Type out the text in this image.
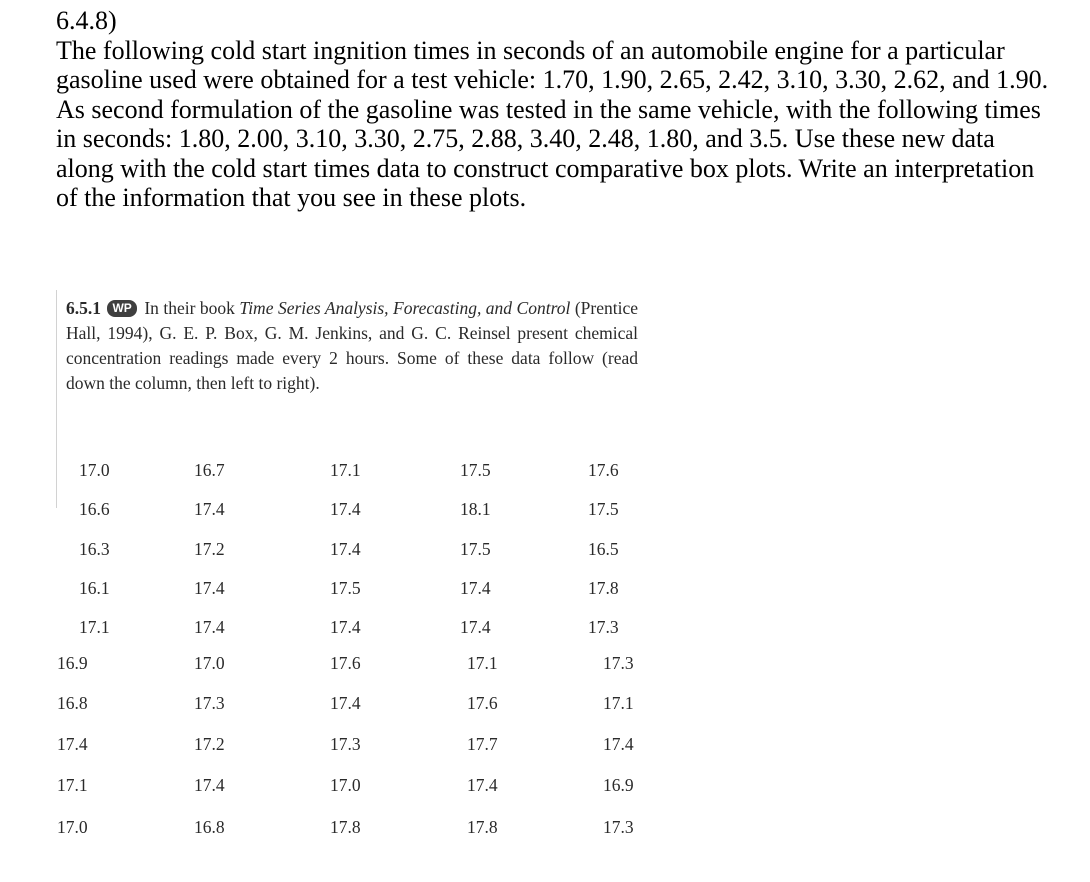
6.4.8)
The following cold start ingnition times in seconds of an automobile engine for a particular gasoline used were obtained for a test vehicle: 1.70, 1.90, 2.65, 2.42, 3.10, 3.30, 2.62, and 1.90. As second formulation of the gasoline was tested in the same vehicle, with the following times in seconds: 1.80, 2.00, 3.10, 3.30, 2.75, 2.88, 3.40, 2.48, 1.80, and 3.5. Use these new data along with the cold start times data to construct comparative box plots. Write an interpretation of the information that you see in these plots.
6.5.1 WP In their book Time Series Analysis, Forecasting, and Control (Prentice Hall, 1994), G. E. P. Box, G. M. Jenkins, and G. C. Reinsel present chemical concentration readings made every 2 hours. Some of these data follow (read down the column, then left to right).
17.0	16.7	17.1	17.5	17.6
16.6	17.4	17.4	18.1	17.5
16.3	17.2	17.4	17.5	16.5
16.1	17.4	17.5	17.4	17.8
17.1	17.4	17.4	17.4	17.3
16.9	17.0	17.6	17.1	17.3
16.8	17.3	17.4	17.6	17.1
17.4	17.2	17.3	17.7	17.4
17.1	17.4	17.0	17.4	16.9
17.0	16.8	17.8	17.8	17.3
